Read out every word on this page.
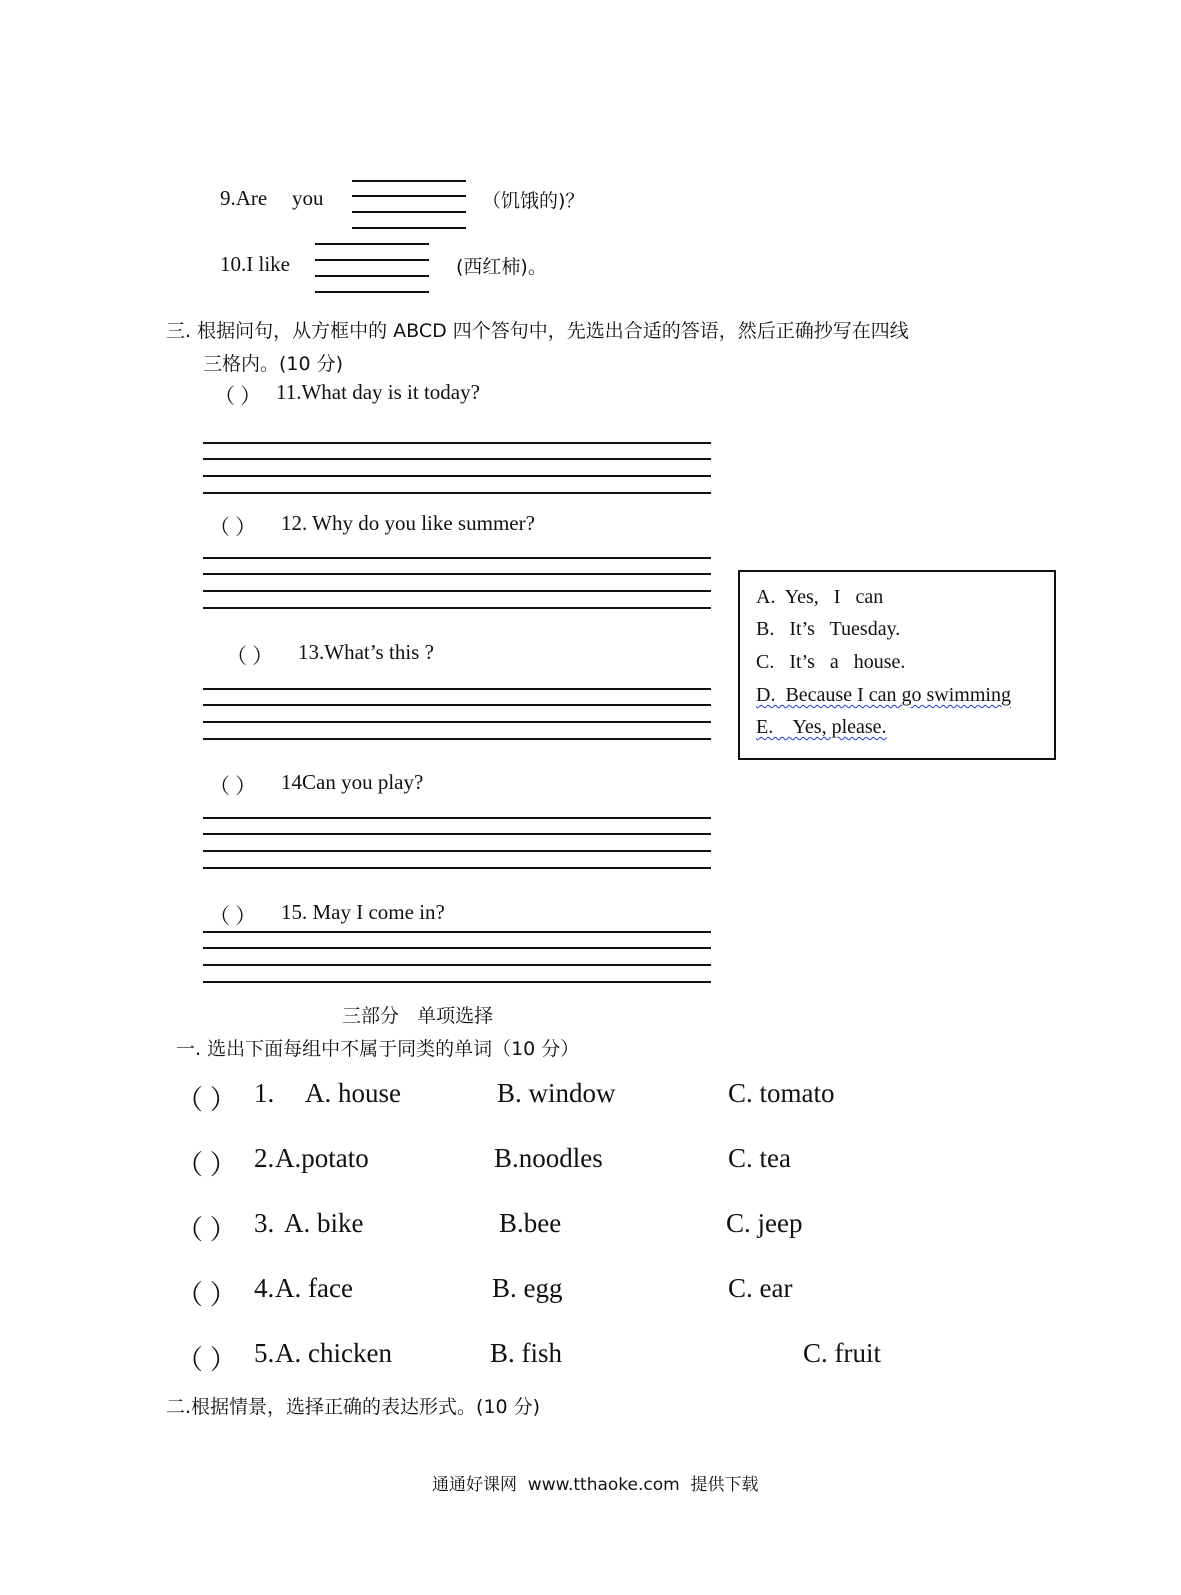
9.Are you	（饥饿的)？
10.I like	(西红柿)。
三. 根据问句，从方框中的 ABCD 四个答句中，先选出合适的答语，然后正确抄写在四线
三格内。(10 分)
（ ） 11.What day is it today?
（ ） 12. Why do you like summer?
A.  Yes,   I   can
B.   It’s   Tuesday.
C.   It’s   a   house.
D.  Because I can go swimming
E.    Yes, please.
（ ） 13.What’s this ?
（ ） 14Can you play?
（ ） 15. May I come in?
三部分   单项选择
一. 选出下面每组中不属于同类的单词（10 分）
（ ） 1. A. house	B. window	C. tomato
（ ） 2. A.potato	B.noodles	C. tea
（ ） 3. A. bike	B.bee	C. jeep
（ ） 4. A. face	B. egg	C. ear
（ ） 5. A. chicken	B. fish	C. fruit
二.根据情景，选择正确的表达形式。(10 分)
通通好课网  www.tthaoke.com  提供下载
